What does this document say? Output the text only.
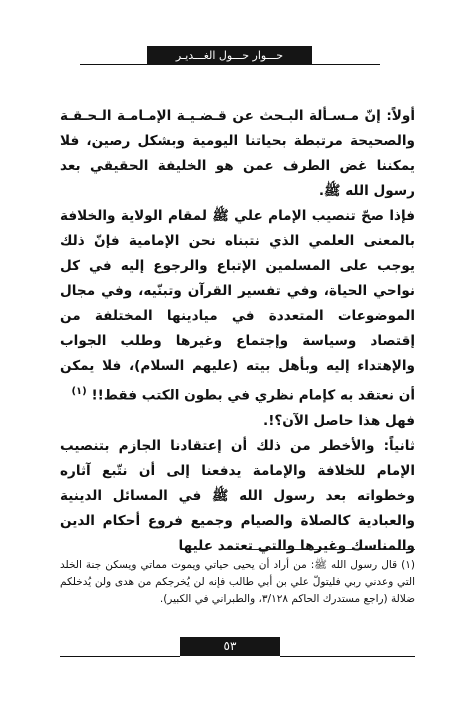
حـــوار حـــول الغـــديـر

أولاً: إنّ مـسـألة البـحث عن قـضـيـة الإمـامـة الـحـقـة والصحيحة مرتبطة بحياتنا اليومية وبشكل رصين، فلا يمكننا غض الطرف عمن هو الخليفة الحقيقي بعد رسول الله ﷺ.

فإذا صحّ تنصيب الإمام علي ﷺ لمقام الولاية والخلافة بالمعنى العلمي الذي نتبناه نحن الإمامية فإنّ ذلك يوجب على المسلمين الإتباع والرجوع إليه في كل نواحي الحياة، وفي تفسير القرآن وتبنّيه، وفي مجال الموضوعات المتعددة في ميادينها المختلفة من إقتصاد وسياسة وإجتماع وغيرها وطلب الجواب والإهتداء إليه وبأهل بيته (عليهم السلام)، فلا يمكن أن نعتقد به كإمام نظري في بطون الكتب فقط!! $^{(١)}$

فهل هذا حاصل الآن؟!.

ثانياً: والأخطر من ذلك أن إعتقادنا الجازم بتنصيب الإمام للخلافة والإمامة يدفعنا إلى أن نتّبع آثاره وخطواته بعد رسول الله ﷺ في المسائل الدينية والعبادية كالصلاة والصيام وجميع فروع أحكام الدين والمناسك وغيرها والتي تعتمد عليها

(١) قال رسول الله ﷺ: من أراد أن يحيى حياتي ويموت مماتي ويسكن جنة الخلد التي وعدني ربي فليتولّ علي بن أبي طالب فإنه لن يُخرجكم من هدى ولن يُدخلكم ضلالة (راجع مستدرك الحاكم ٣/١٢٨، والطبراني في الكبير).
٥٣
